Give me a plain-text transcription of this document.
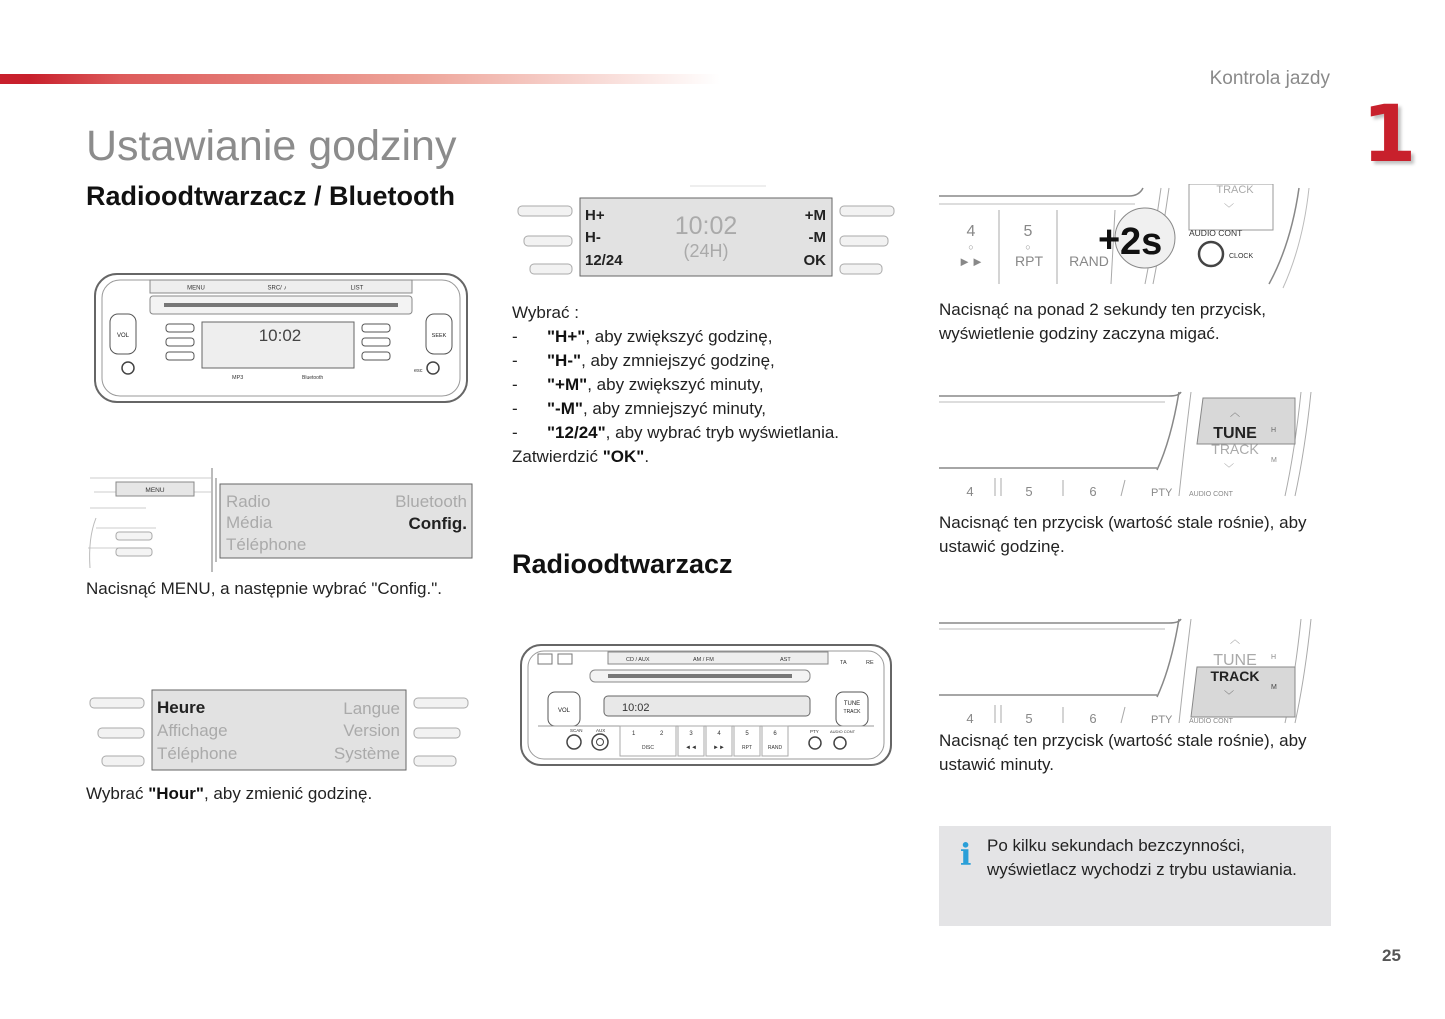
Kontrola jazdy
1
Ustawianie godziny
Radioodtwarzacz / Bluetooth
MENU	SRC/ ♪	LIST
10:02
VOL	SEEK
esc
MP3	Bluetooth
MENU
Radio
Média
Téléphone
Bluetooth
Config.
Nacisnąć MENU, a następnie wybrać "Config.".
Heure
Affichage
Téléphone
Langue
Version
Système
Wybrać "Hour", aby zmienić godzinę.
H+
H-
12/24
+M
-M
OK
10:02
(24H)
Wybrać :
- "H+", aby zwiększyć godzinę,
- "H-", aby zmniejszyć godzinę,
- "+M", aby zwiększyć minuty,
- "-M", aby zmniejszyć minuty,
- "12/24", aby wybrać tryb wyświetlania.
Zatwierdzić "OK".
Radioodtwarzacz
CD / AUX	AM / FM	AST	TA	RE
10:02
VOL
TUNE
TRACK
SCAN	AUX
DISC
1	2	3	4	5	6
◄◄	►►	RPT	RAND
PTY	AUDIO CONT
4	5
○	○
►► RPT RAND
+ 2s
TRACK
﹀
AUDIO CONT
CLOCK
Nacisnąć na ponad 2 sekundy ten przycisk, wyświetlenie godziny zaczyna migać.
︿
TUNE
TRACK
﹀
H
M
4	5	6	PTY AUDIO CONT
Nacisnąć ten przycisk (wartość stale rośnie), aby ustawić godzinę.
︿
TUNE
TRACK
﹀
H
M
4	5	6	PTY AUDIO CONT
Nacisnąć ten przycisk (wartość stale rośnie), aby ustawić minuty.
i Po kilku sekundach bezczynności, wyświetlacz wychodzi z trybu ustawiania.
25
